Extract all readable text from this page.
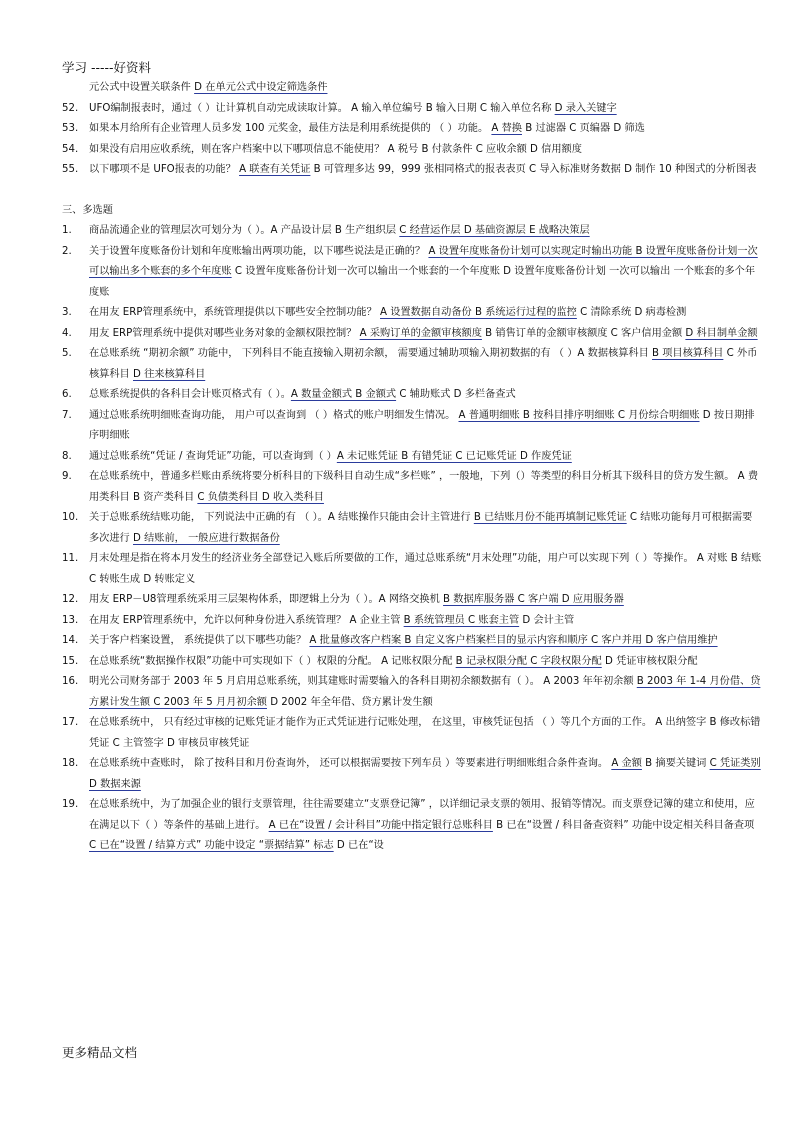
学习 -----好资料
元公式中设置关联条件 D 在单元公式中设定筛选条件
52.	UFO编制报表时，通过（ ）让计算机自动完成读取计算。 A 输入单位编号 B 输入日期 C 输入单位名称 D 录入关键字
53.	如果本月给所有企业管理人员多发 100 元奖金，最佳方法是利用系统提供的 （ ）功能。 A 替换 B 过滤器 C 页编器 D 筛选
54.	如果没有启用应收系统，则在客户档案中以下哪项信息不能使用？ A 税号 B 付款条件 C 应收余额 D 信用额度
55.	以下哪项不是 UFO报表的功能？ A 联查有关凭证 B 可管理多达 99，999 张相同格式的报表表页 C 导入标准财务数据 D 制作 10 种图式的分析图表
三、多选题
1.	商品流通企业的管理层次可划分为（ ）。A 产品设计层 B 生产组织层 C 经营运作层 D 基础资源层 E 战略决策层
2.	关于设置年度账备份计划和年度账输出两项功能，以下哪些说法是正确的？ A 设置年度账备份计划可以实现定时输出功能 B 设置年度账备份计划一次可以输出多个账套的多个年度账 C 设置年度账备份计划一次可以输出一个账套的一个年度账 D 设置年度账备份计划 一次可以输出 一个账套的多个年度账
3.	在用友 ERP管理系统中，系统管理提供以下哪些安全控制功能？ A 设置数据自动备份 B 系统运行过程的监控 C 清除系统 D 病毒检测
4.	用友 ERP管理系统中提供对哪些业务对象的金额权限控制？ A 采购订单的金额审核额度 B 销售订单的金额审核额度 C 客户信用金额 D 科目制单金额
5.	在总账系统 “期初余额” 功能中， 下列科目不能直接输入期初余额， 需要通过辅助项输入期初数据的有 （ ）A 数据核算科目 B 项目核算科目 C 外币核算科目 D 往来核算科目
6.	总账系统提供的各科目会计账页格式有（ ）。A 数量金额式 B 金额式 C 辅助账式 D 多栏备查式
7.	通过总账系统明细账查询功能， 用户可以查询到 （ ）格式的账户明细发生情况。 A 普通明细账 B 按科目排序明细账 C 月份综合明细账 D 按日期排序明细账
8.	通过总账系统“凭证 / 查询凭证”功能，可以查询到（ ）A 未记账凭证 B 有错凭证 C 已记账凭证 D 作废凭证
9.	在总账系统中，普通多栏账由系统将要分析科目的下级科目自动生成“多栏账” ，一般地，下列（）等类型的科目分析其下级科目的贷方发生额。 A 费用类科目 B 资产类科目 C 负债类科目 D 收入类科目
10.	关于总账系统结账功能， 下列说法中正确的有 （ ）。A 结账操作只能由会计主管进行 B 已结账月份不能再填制记账凭证 C 结账功能每月可根据需要多次进行 D 结账前， 一般应进行数据备份
11.	月末处理是指在将本月发生的经济业务全部登记入账后所要做的工作，通过总账系统“月末处理”功能，用户可以实现下列（ ）等操作。 A 对账 B 结账 C 转账生成 D 转账定义
12.	用友 ERP－U8管理系统采用三层架构体系，即逻辑上分为（ ）。A 网络交换机 B 数据库服务器 C 客户端 D 应用服务器
13.	在用友 ERP管理系统中，允许以何种身份进入系统管理？ A 企业主管 B 系统管理员 C 账套主管 D 会计主管
14.	关于客户档案设置， 系统提供了以下哪些功能？ A 批量修改客户档案 B 自定义客户档案栏目的显示内容和顺序 C 客户并用 D 客户信用维护
15.	在总账系统“数据操作权限”功能中可实现如下（ ）权限的分配。 A 记账权限分配 B 记录权限分配 C 字段权限分配 D 凭证审核权限分配
16.	明光公司财务部于 2003 年 5 月启用总账系统，则其建账时需要输入的各科目期初余额数据有（ ）。 A 2003 年年初余额 B 2003 年 1-4 月份借、贷方累计发生额 C 2003 年 5 月月初余额 D 2002 年全年借、贷方累计发生额
17.	在总账系统中， 只有经过审核的记账凭证才能作为正式凭证进行记账处理， 在这里，审核凭证包括 （ ）等几个方面的工作。 A 出纳签字 B 修改标错凭证 C 主管签字 D 审核员审核凭证
18.	在总账系统中查账时， 除了按科目和月份查询外， 还可以根据需要按下列车员 ）等要素进行明细账组合条件查询。 A 金额 B 摘要关键词 C 凭证类别 D 数据来源
19.	在总账系统中，为了加强企业的银行支票管理，往往需要建立“支票登记簿” ，以详细记录支票的领用、报销等情况。而支票登记簿的建立和使用，应在满足以下（ ）等条件的基础上进行。 A 已在“设置 / 会计科目”功能中指定银行总账科目 B 已在“设置 / 科目备查资料” 功能中设定相关科目备查项 C 已在“设置 / 结算方式” 功能中设定 “票据结算” 标志 D 已在“设
更多精品文档
